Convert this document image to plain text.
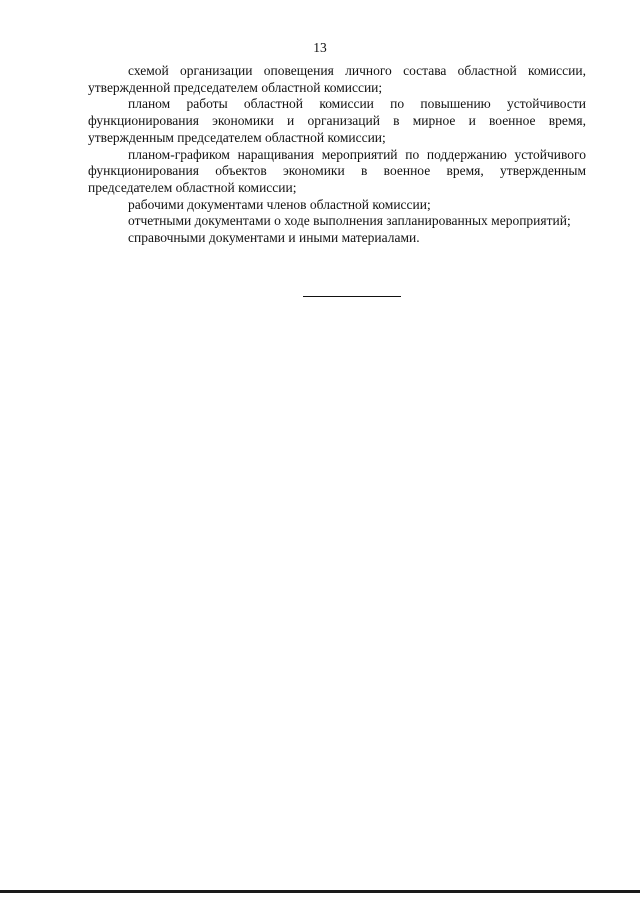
13

схемой организации оповещения личного состава областной комиссии, утвержденной председателем областной комиссии;

планом работы областной комиссии по повышению устойчивости функционирования экономики и организаций в мирное и военное время, утвержденным председателем областной комиссии;

планом-графиком наращивания мероприятий по поддержанию устойчивого функционирования объектов экономики в военное время, утвержденным председателем областной комиссии;

рабочими документами членов областной комиссии;

отчетными документами о ходе выполнения запланированных мероприятий;

справочными документами и иными материалами.
